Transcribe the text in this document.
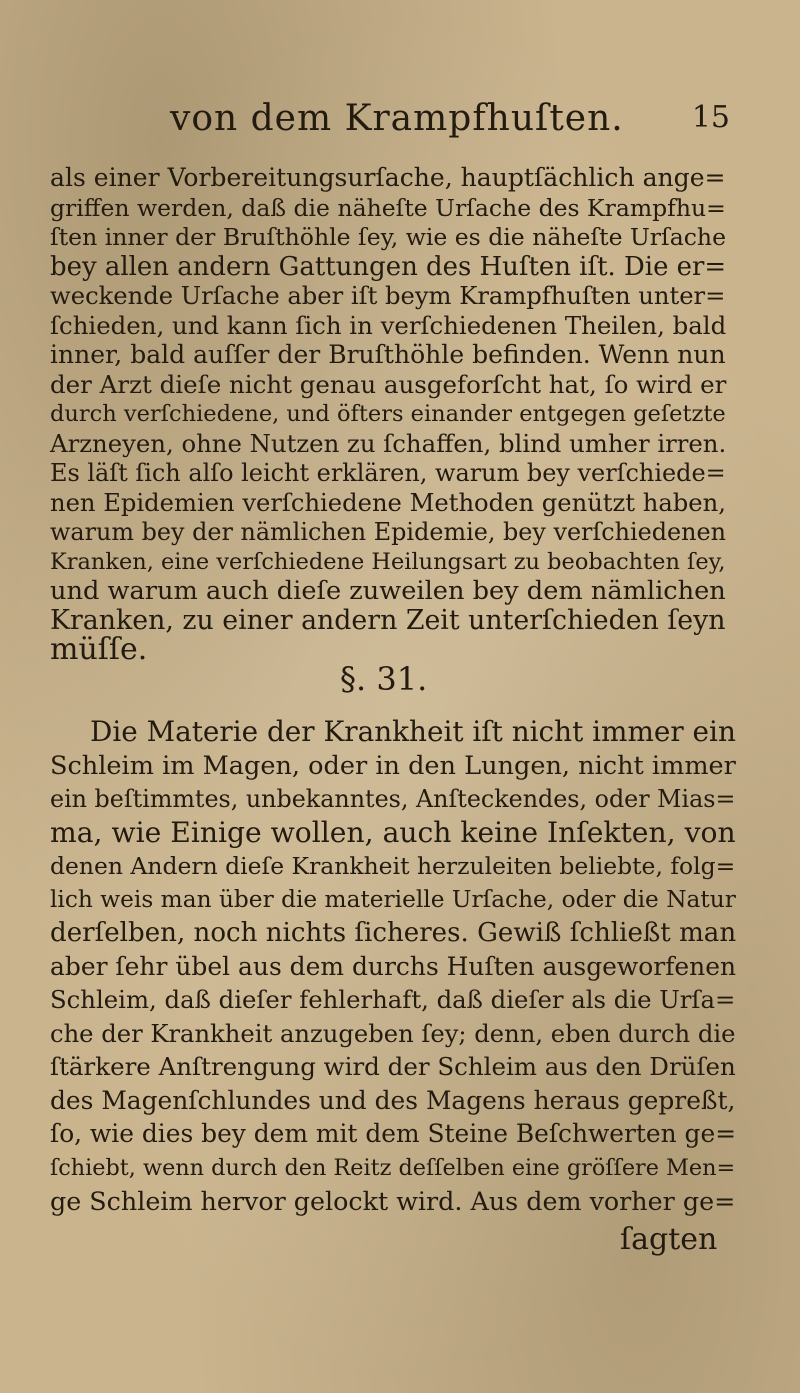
von dem Krampfhuſten. 15
als einer Vorbereitungsurſache, hauptſächlich ange=
griffen werden, daß die näheſte Urſache des Krampfhu=
ſten inner der Bruſthöhle ſey, wie es die näheſte Urſache
bey allen andern Gattungen des Huſten iſt. Die er=
weckende Urſache aber iſt beym Krampfhuſten unter=
ſchieden, und kann ſich in verſchiedenen Theilen, bald
inner, bald auſſer der Bruſthöhle befinden. Wenn nun
der Arzt dieſe nicht genau ausgeforſcht hat, ſo wird er
durch verſchiedene, und öfters einander entgegen geſetzte
Arzneyen, ohne Nutzen zu ſchaffen, blind umher irren.
Es läſt ſich alſo leicht erklären, warum bey verſchiede=
nen Epidemien verſchiedene Methoden genützt haben,
warum bey der nämlichen Epidemie, bey verſchiedenen
Kranken, eine verſchiedene Heilungsart zu beobachten ſey,
und warum auch dieſe zuweilen bey dem nämlichen
Kranken, zu einer andern Zeit unterſchieden ſeyn
müſſe.
§. 31.
Die Materie der Krankheit iſt nicht immer ein
Schleim im Magen, oder in den Lungen, nicht immer
ein beſtimmtes, unbekanntes, Anſteckendes, oder Mias=
ma, wie Einige wollen, auch keine Inſekten, von
denen Andern dieſe Krankheit herzuleiten beliebte, folg=
lich weis man über die materielle Urſache, oder die Natur
derſelben, noch nichts ſicheres. Gewiß ſchließt man
aber ſehr übel aus dem durchs Huſten ausgeworfenen
Schleim, daß dieſer fehlerhaft, daß dieſer als die Urſa=
che der Krankheit anzugeben ſey; denn, eben durch die
ſtärkere Anſtrengung wird der Schleim aus den Drüſen
des Magenſchlundes und des Magens heraus gepreßt,
ſo, wie dies bey dem mit dem Steine Beſchwerten ge=
ſchiebt, wenn durch den Reitz deſſelben eine gröſſere Men=
ge Schleim hervor gelockt wird. Aus dem vorher ge=
ſagten
